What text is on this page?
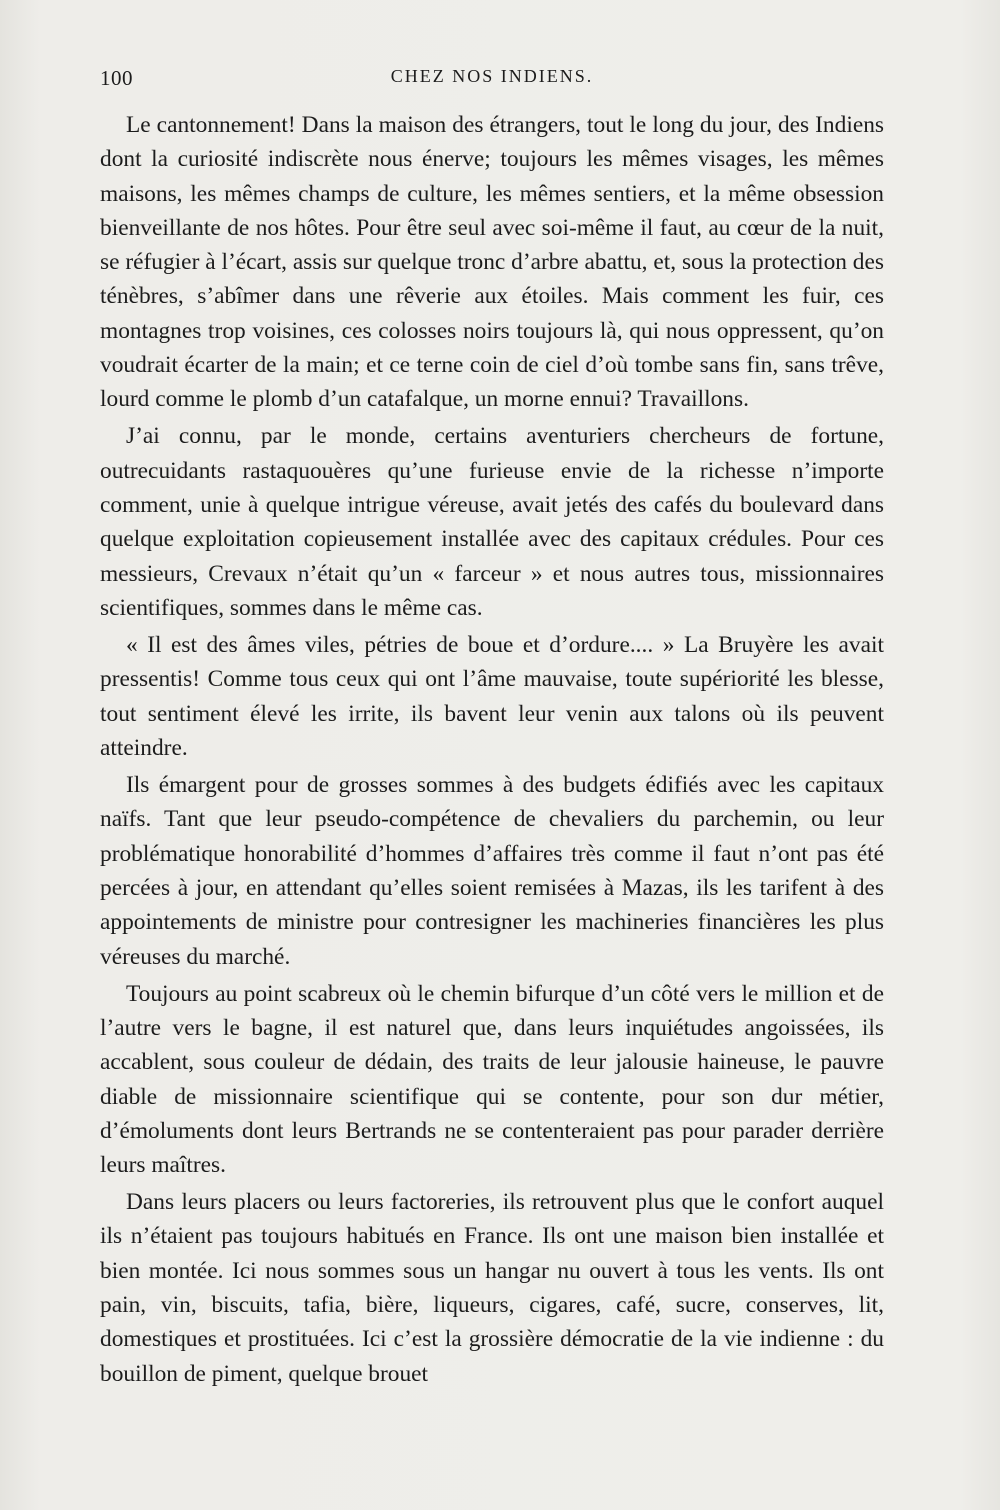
100	CHEZ NOS INDIENS.

Le cantonnement! Dans la maison des étrangers, tout le long du jour, des Indiens dont la curiosité indiscrète nous énerve; toujours les mêmes visages, les mêmes maisons, les mêmes champs de culture, les mêmes sentiers, et la même obsession bienveillante de nos hôtes. Pour être seul avec soi-même il faut, au cœur de la nuit, se réfugier à l’écart, assis sur quelque tronc d’arbre abattu, et, sous la protection des ténèbres, s’abîmer dans une rêverie aux étoiles. Mais comment les fuir, ces montagnes trop voisines, ces colosses noirs toujours là, qui nous oppressent, qu’on voudrait écarter de la main; et ce terne coin de ciel d’où tombe sans fin, sans trêve, lourd comme le plomb d’un catafalque, un morne ennui? Travaillons.

J’ai connu, par le monde, certains aventuriers chercheurs de fortune, outrecuidants rastaquouères qu’une furieuse envie de la richesse n’importe comment, unie à quelque intrigue véreuse, avait jetés des cafés du boulevard dans quelque exploitation copieusement installée avec des capitaux crédules. Pour ces messieurs, Crevaux n’était qu’un « farceur » et nous autres tous, missionnaires scientifiques, sommes dans le même cas.

« Il est des âmes viles, pétries de boue et d’ordure.... » La Bruyère les avait pressentis! Comme tous ceux qui ont l’âme mauvaise, toute supériorité les blesse, tout sentiment élevé les irrite, ils bavent leur venin aux talons où ils peuvent atteindre.

Ils émargent pour de grosses sommes à des budgets édifiés avec les capitaux naïfs. Tant que leur pseudo-compétence de chevaliers du parchemin, ou leur problématique honorabilité d’hommes d’affaires très comme il faut n’ont pas été percées à jour, en attendant qu’elles soient remisées à Mazas, ils les tarifent à des appointements de ministre pour contresigner les machineries financières les plus véreuses du marché.

Toujours au point scabreux où le chemin bifurque d’un côté vers le million et de l’autre vers le bagne, il est naturel que, dans leurs inquiétudes angoissées, ils accablent, sous couleur de dédain, des traits de leur jalousie haineuse, le pauvre diable de missionnaire scientifique qui se contente, pour son dur métier, d’émoluments dont leurs Bertrands ne se contenteraient pas pour parader derrière leurs maîtres.

Dans leurs placers ou leurs factoreries, ils retrouvent plus que le confort auquel ils n’étaient pas toujours habitués en France. Ils ont une maison bien installée et bien montée. Ici nous sommes sous un hangar nu ouvert à tous les vents. Ils ont pain, vin, biscuits, tafia, bière, liqueurs, cigares, café, sucre, conserves, lit, domestiques et prostituées. Ici c’est la grossière démocratie de la vie indienne : du bouillon de piment, quelque brouet
